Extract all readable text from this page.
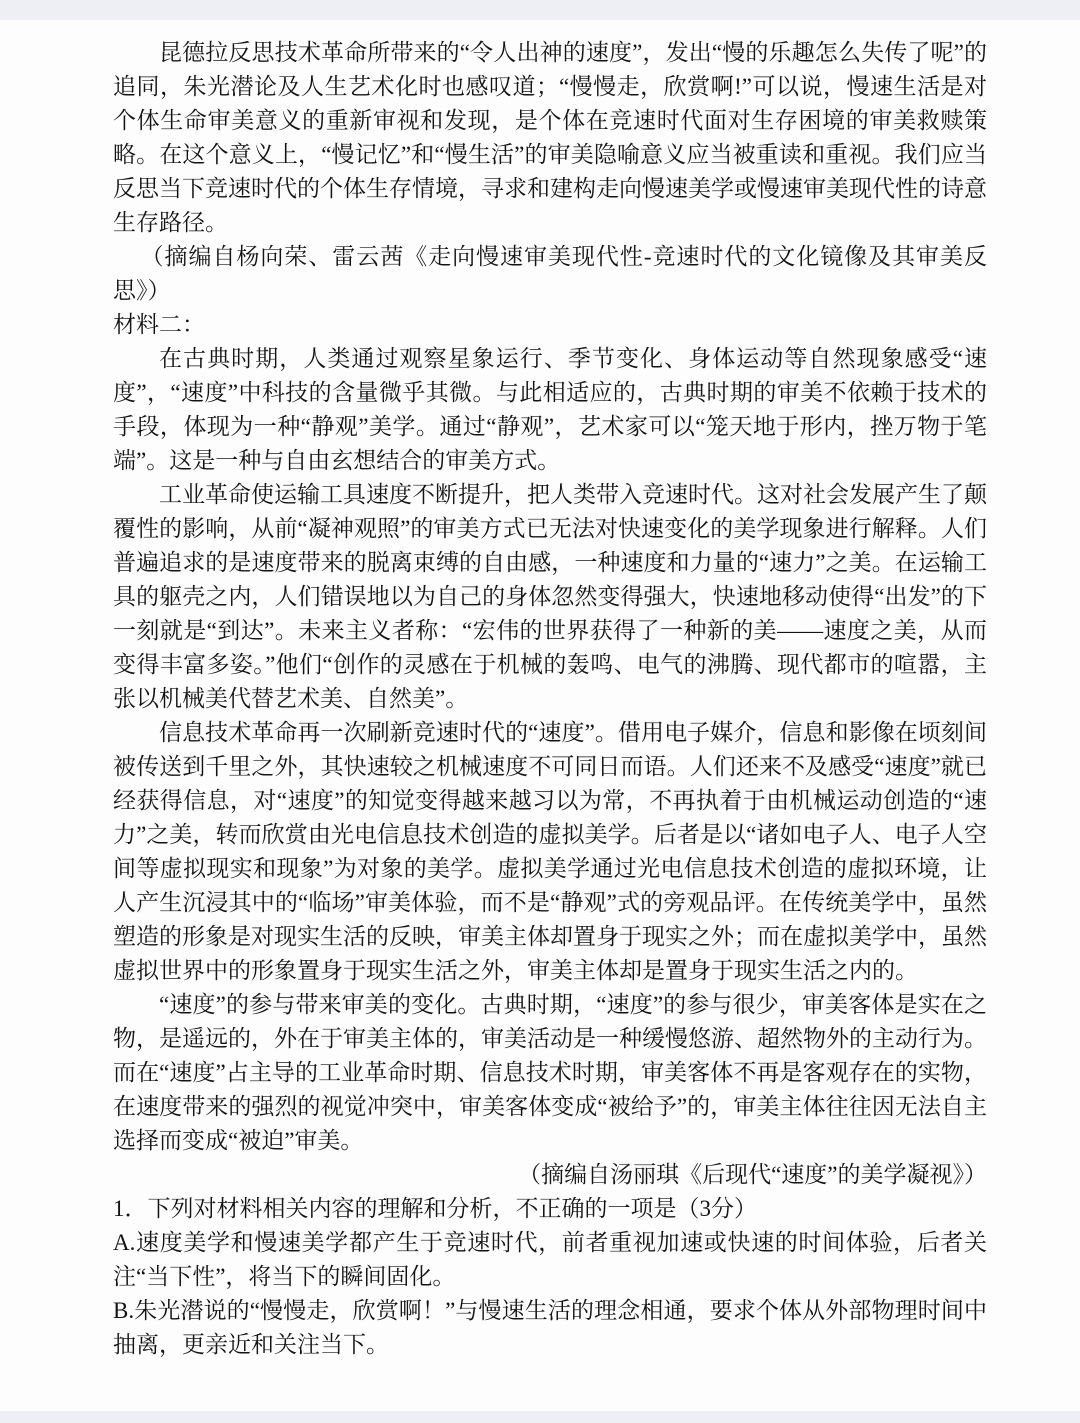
昆德拉反思技术革命所带来的“令人出神的速度”，发出“慢的乐趣怎么失传了呢”的追同，朱光潜论及人生艺术化时也感叹道；“慢慢走，欣赏啊!”可以说，慢速生活是对个体生命审美意义的重新审视和发现，是个体在竞速时代面对生存困境的审美救赎策略。在这个意义上，“慢记忆”和“慢生活”的审美隐喻意义应当被重读和重视。我们应当反思当下竞速时代的个体生存情境，寻求和建构走向慢速美学或慢速审美现代性的诗意生存路径。

（摘编自杨向荣、雷云茜《走向慢速审美现代性-竞速时代的文化镜像及其审美反思》）

材料二：

在古典时期，人类通过观察星象运行、季节变化、身体运动等自然现象感受“速度”，“速度”中科技的含量微乎其微。与此相适应的，古典时期的审美不依赖于技术的手段，体现为一种“静观”美学。通过“静观”，艺术家可以“笼天地于形内，挫万物于笔端”。这是一种与自由玄想结合的审美方式。

工业革命使运输工具速度不断提升，把人类带入竞速时代。这对社会发展产生了颠覆性的影响，从前“凝神观照”的审美方式已无法对快速变化的美学现象进行解释。人们普遍追求的是速度带来的脱离束缚的自由感，一种速度和力量的“速力”之美。在运输工具的躯壳之内，人们错误地以为自己的身体忽然变得强大，快速地移动使得“出发”的下一刻就是“到达”。未来主义者称：“宏伟的世界获得了一种新的美——速度之美，从而变得丰富多姿。”他们“创作的灵感在于机械的轰鸣、电气的沸腾、现代都市的喧嚣，主张以机械美代替艺术美、自然美”。

信息技术革命再一次刷新竞速时代的“速度”。借用电子媒介，信息和影像在顷刻间被传送到千里之外，其快速较之机械速度不可同日而语。人们还来不及感受“速度”就已经获得信息，对“速度”的知觉变得越来越习以为常，不再执着于由机械运动创造的“速力”之美，转而欣赏由光电信息技术创造的虚拟美学。后者是以“诸如电子人、电子人空间等虚拟现实和现象”为对象的美学。虚拟美学通过光电信息技术创造的虚拟环境，让人产生沉浸其中的“临场”审美体验，而不是“静观”式的旁观品评。在传统美学中，虽然塑造的形象是对现实生活的反映，审美主体却置身于现实之外；而在虚拟美学中，虽然虚拟世界中的形象置身于现实生活之外，审美主体却是置身于现实生活之内的。

“速度”的参与带来审美的变化。古典时期，“速度”的参与很少，审美客体是实在之物，是遥远的，外在于审美主体的，审美活动是一种缓慢悠游、超然物外的主动行为。而在“速度”占主导的工业革命时期、信息技术时期，审美客体不再是客观存在的实物，在速度带来的强烈的视觉冲突中，审美客体变成“被给予”的，审美主体往往因无法自主选择而变成“被迫”审美。

（摘编自汤丽琪《后现代“速度”的美学凝视》）

1．下列对材料相关内容的理解和分析，不正确的一项是（3分）

A.速度美学和慢速美学都产生于竞速时代，前者重视加速或快速的时间体验，后者关注“当下性”，将当下的瞬间固化。

B.朱光潜说的“慢慢走，欣赏啊！”与慢速生活的理念相通，要求个体从外部物理时间中抽离，更亲近和关注当下。
